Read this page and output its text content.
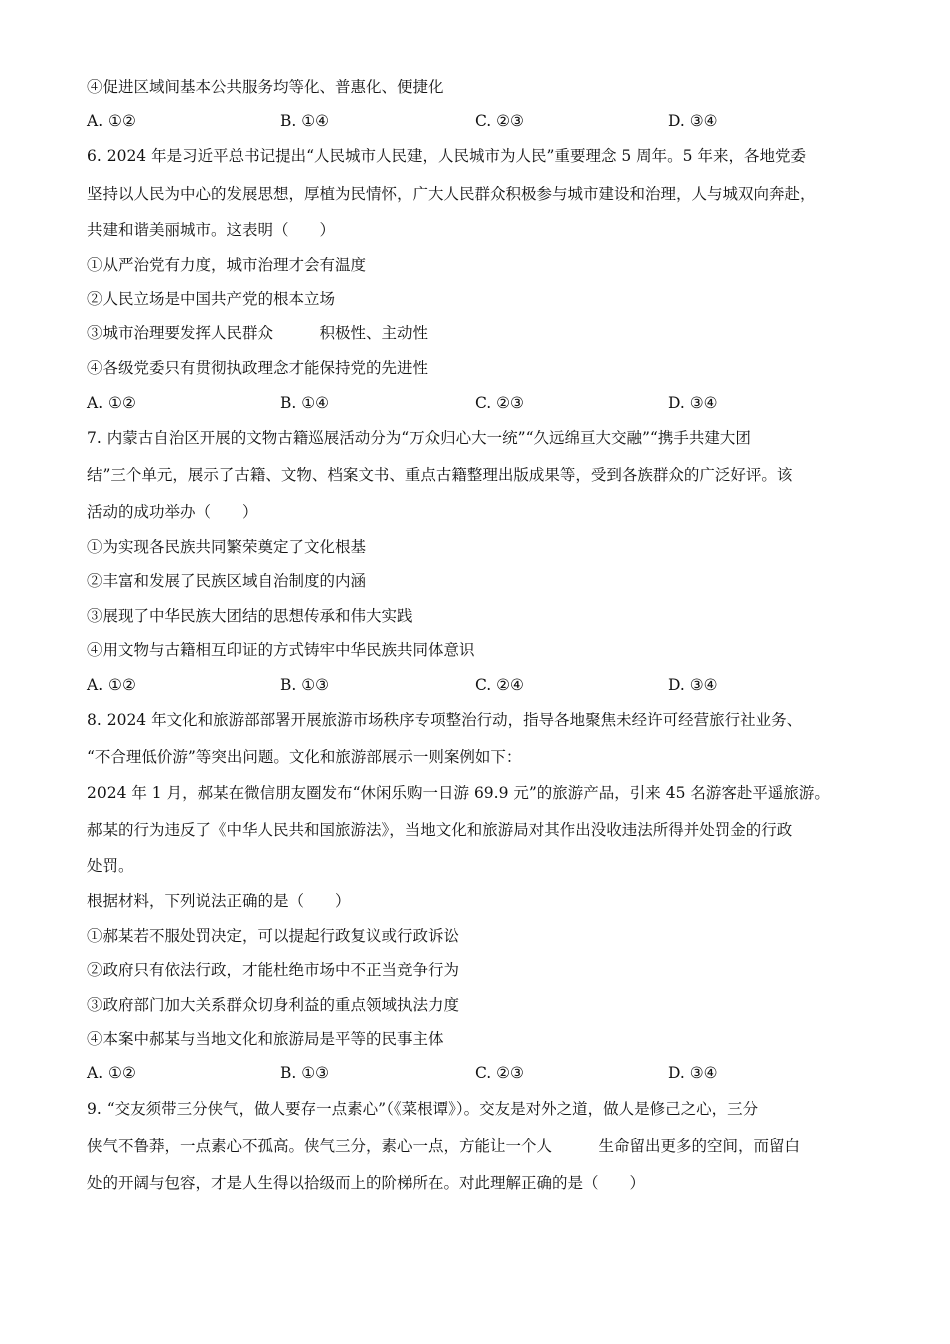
④促进区域间基本公共服务均等化、普惠化、便捷化
A. ①②	B. ①④	C. ②③	D. ③④
6. 2024 年是习近平总书记提出“人民城市人民建，人民城市为人民”重要理念 5 周年。5 年来，各地党委
坚持以人民为中心的发展思想，厚植为民情怀，广大人民群众积极参与城市建设和治理，人与城双向奔赴，
共建和谐美丽城市。这表明（　　）
①从严治党有力度，城市治理才会有温度
②人民立场是中国共产党的根本立场
③城市治理要发挥人民群众　　　积极性、主动性
④各级党委只有贯彻执政理念才能保持党的先进性
A. ①②	B. ①④	C. ②③	D. ③④
7. 内蒙古自治区开展的文物古籍巡展活动分为“万众归心大一统”“久远绵亘大交融”“携手共建大团
结”三个单元，展示了古籍、文物、档案文书、重点古籍整理出版成果等，受到各族群众的广泛好评。该
活动的成功举办（　　）
①为实现各民族共同繁荣奠定了文化根基
②丰富和发展了民族区域自治制度的内涵
③展现了中华民族大团结的思想传承和伟大实践
④用文物与古籍相互印证的方式铸牢中华民族共同体意识
A. ①②	B. ①③	C. ②④	D. ③④
8. 2024 年文化和旅游部部署开展旅游市场秩序专项整治行动，指导各地聚焦未经许可经营旅行社业务、
“不合理低价游”等突出问题。文化和旅游部展示一则案例如下：
2024 年 1 月，郝某在微信朋友圈发布“休闲乐购一日游 69.9 元”的旅游产品，引来 45 名游客赴平遥旅游。
郝某的行为违反了《中华人民共和国旅游法》，当地文化和旅游局对其作出没收违法所得并处罚金的行政
处罚。
根据材料，下列说法正确的是（　　）
①郝某若不服处罚决定，可以提起行政复议或行政诉讼
②政府只有依法行政，才能杜绝市场中不正当竞争行为
③政府部门加大关系群众切身利益的重点领域执法力度
④本案中郝某与当地文化和旅游局是平等的民事主体
A. ①②	B. ①③	C. ②③	D. ③④
9. “交友须带三分侠气，做人要存一点素心”（《菜根谭》）。交友是对外之道，做人是修己之心，三分
侠气不鲁莽，一点素心不孤高。侠气三分，素心一点，方能让一个人　　　生命留出更多的空间，而留白
处的开阔与包容，才是人生得以拾级而上的阶梯所在。对此理解正确的是（　　）
